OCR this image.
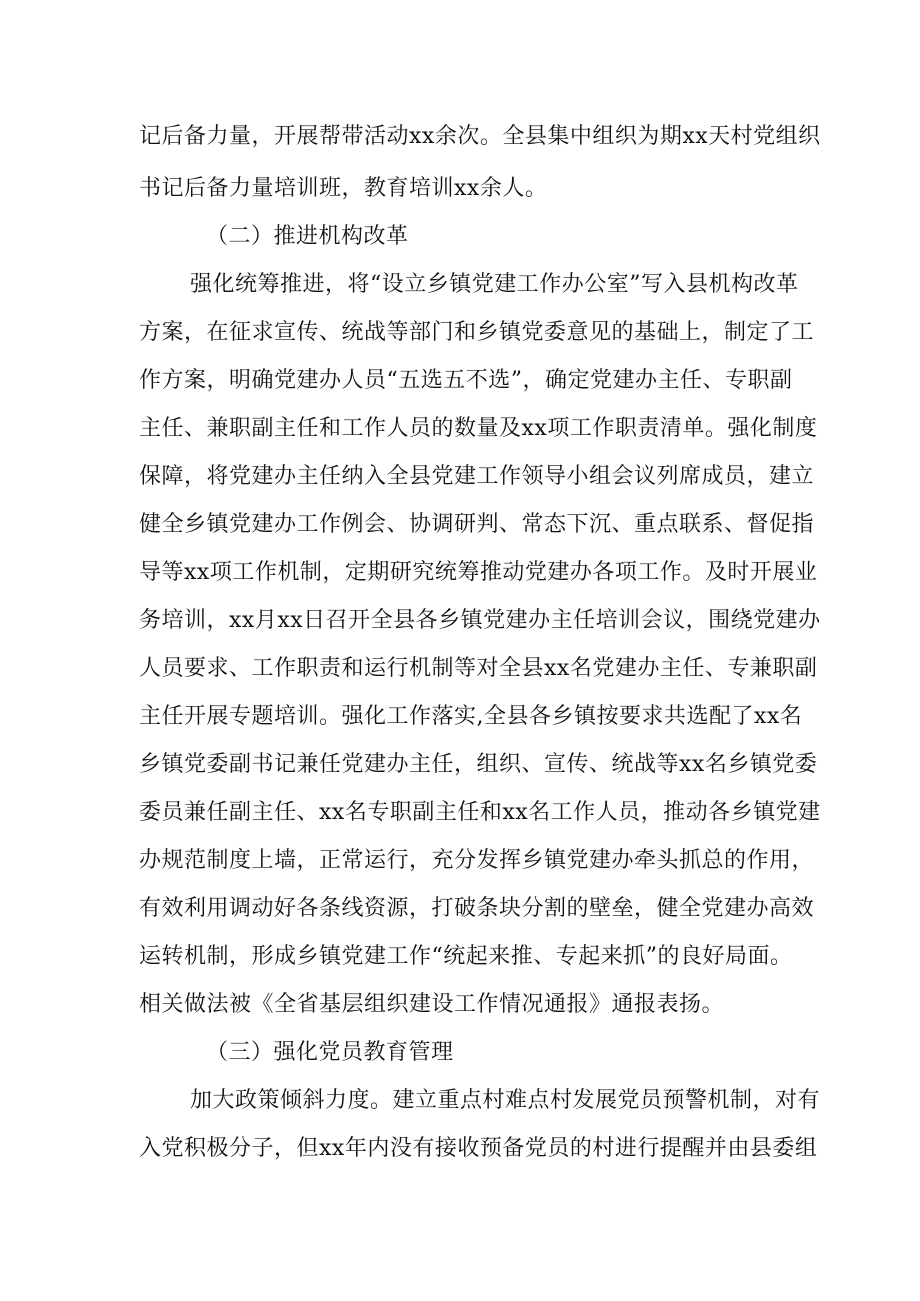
记后备力量，开展帮带活动xx余次。全县集中组织为期xx天村党组织
书记后备力量培训班，教育培训xx余人。
（二）推进机构改革
强化统筹推进，将“设立乡镇党建工作办公室”写入县机构改革
方案，在征求宣传、统战等部门和乡镇党委意见的基础上，制定了工
作方案，明确党建办人员“五选五不选”，确定党建办主任、专职副
主任、兼职副主任和工作人员的数量及xx项工作职责清单。强化制度
保障，将党建办主任纳入全县党建工作领导小组会议列席成员，建立
健全乡镇党建办工作例会、协调研判、常态下沉、重点联系、督促指
导等xx项工作机制，定期研究统筹推动党建办各项工作。及时开展业
务培训，xx月xx日召开全县各乡镇党建办主任培训会议，围绕党建办
人员要求、工作职责和运行机制等对全县xx名党建办主任、专兼职副
主任开展专题培训。强化工作落实,全县各乡镇按要求共选配了xx名
乡镇党委副书记兼任党建办主任，组织、宣传、统战等xx名乡镇党委
委员兼任副主任、xx名专职副主任和xx名工作人员，推动各乡镇党建
办规范制度上墙，正常运行，充分发挥乡镇党建办牵头抓总的作用，
有效利用调动好各条线资源，打破条块分割的壁垒，健全党建办高效
运转机制，形成乡镇党建工作“统起来推、专起来抓”的良好局面。
相关做法被《全省基层组织建设工作情况通报》通报表扬。
（三）强化党员教育管理
加大政策倾斜力度。建立重点村难点村发展党员预警机制，对有
入党积极分子，但xx年内没有接收预备党员的村进行提醒并由县委组
